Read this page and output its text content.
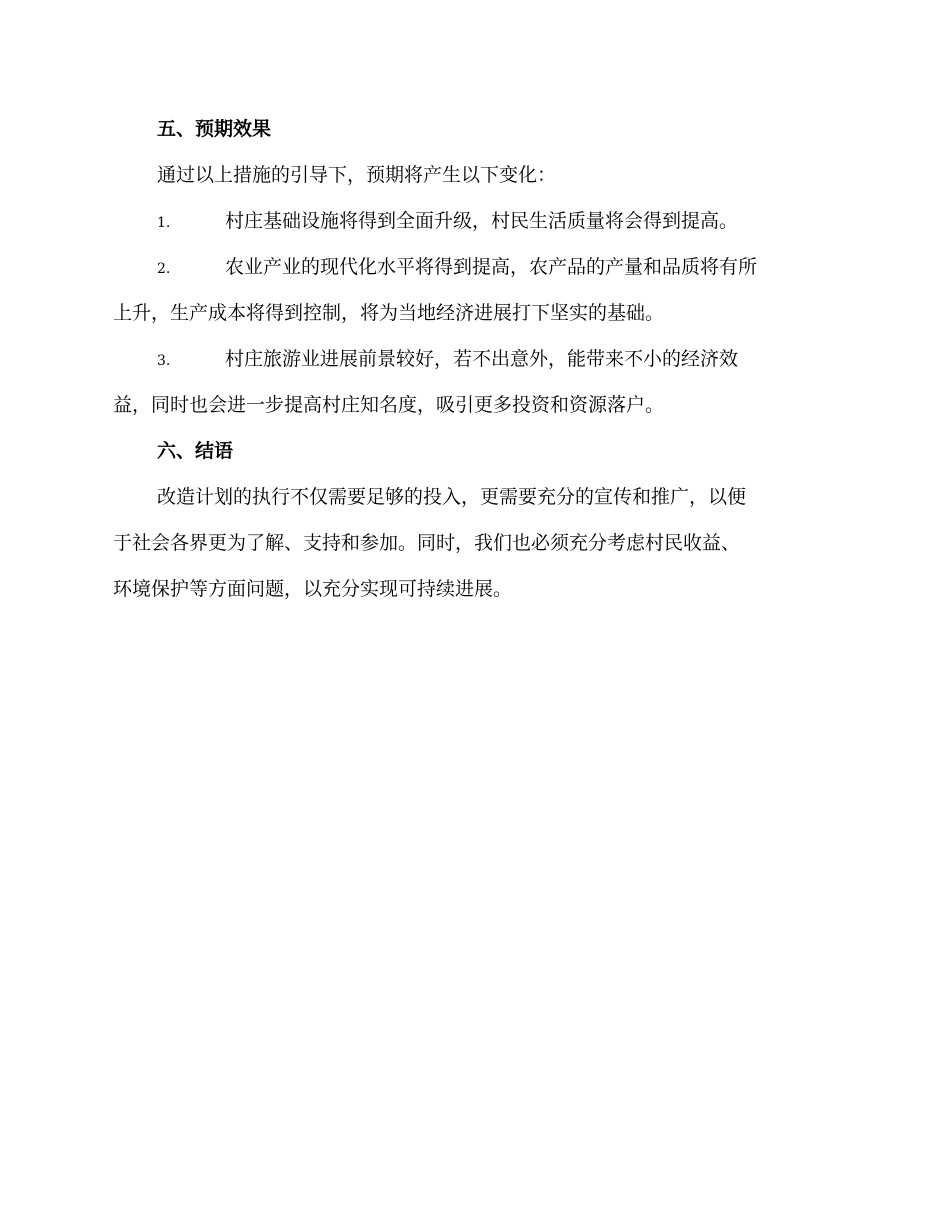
五、预期效果
通过以上措施的引导下，预期将产生以下变化：
1.	村庄基础设施将得到全面升级，村民生活质量将会得到提高。
2.	农业产业的现代化水平将得到提高，农产品的产量和品质将有所
上升，生产成本将得到控制，将为当地经济进展打下坚实的基础。
3.	村庄旅游业进展前景较好，若不出意外，能带来不小的经济效
益，同时也会进一步提高村庄知名度，吸引更多投资和资源落户。
六、结语
改造计划的执行不仅需要足够的投入，更需要充分的宣传和推广，以便
于社会各界更为了解、支持和参加。同时，我们也必须充分考虑村民收益、
环境保护等方面问题，以充分实现可持续进展。
